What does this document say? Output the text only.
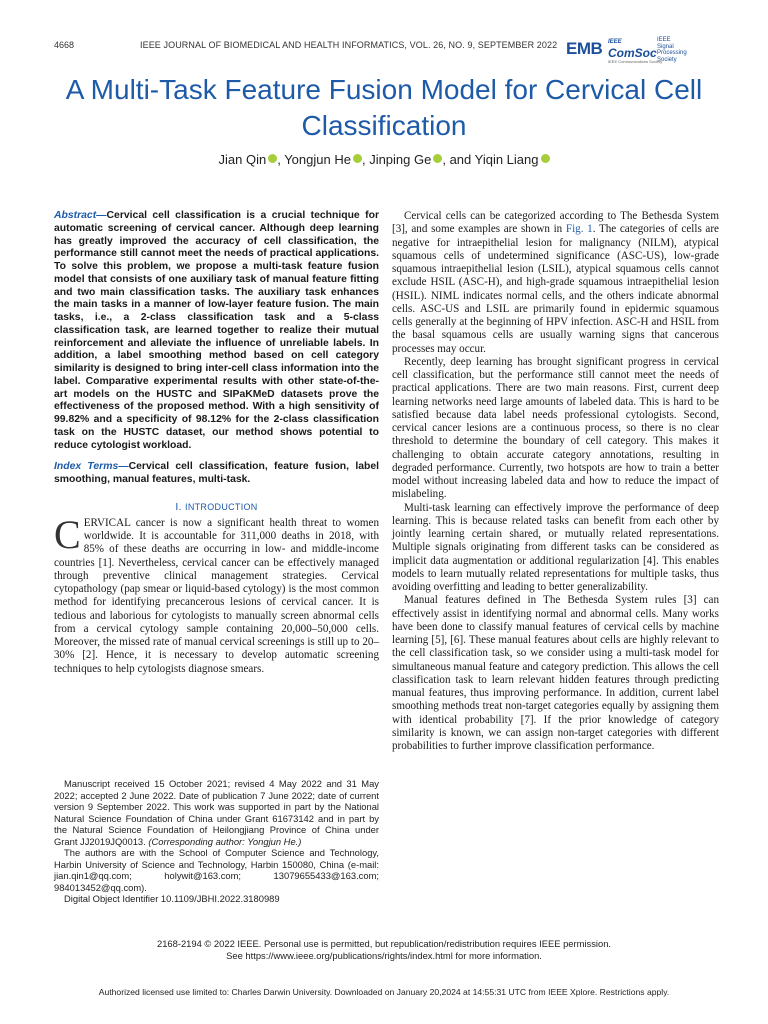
4668	IEEE JOURNAL OF BIOMEDICAL AND HEALTH INFORMATICS, VOL. 26, NO. 9, SEPTEMBER 2022 EMB IEEE
ComSoc
IEEE Communications Society
IEEE
Signal
Processing
Society
A Multi-Task Feature Fusion Model for Cervical Cell Classification
Jian Qin , Yongjun He , Jinping Ge , and Yiqin Liang

Abstract—Cervical cell classification is a crucial technique for automatic screening of cervical cancer. Although deep learning has greatly improved the accuracy of cell classification, the performance still cannot meet the needs of practical applications. To solve this problem, we propose a multi-task feature fusion model that consists of one auxiliary task of manual feature fitting and two main classification tasks. The auxiliary task enhances the main tasks in a manner of low-layer feature fusion. The main tasks, i.e., a 2-class classification task and a 5-class classification task, are learned together to realize their mutual reinforcement and alleviate the influence of unreliable labels. In addition, a label smoothing method based on cell category similarity is designed to bring inter-cell class information into the label. Comparative experimental results with other state-of-the-art models on the HUSTC and SIPaKMeD datasets prove the effectiveness of the proposed method. With a high sensitivity of 99.82% and a specificity of 98.12% for the 2-class classification task on the HUSTC dataset, our method shows potential to reduce cytologist workload.

Index Terms—Cervical cell classification, feature fusion, label smoothing, manual features, multi-task.

I. INTRODUCTION

CERVICAL cancer is now a significant health threat to women worldwide. It is accountable for 311,000 deaths in 2018, with 85% of these deaths are occurring in low- and middle-income countries [1]. Nevertheless, cervical cancer can be effectively managed through preventive clinical management strategies. Cervical cytopathology (pap smear or liquid-based cytology) is the most common method for identifying precancerous lesions of cervical cancer. It is tedious and laborious for cytologists to manually screen abnormal cells from a cervical cytology sample containing 20,000–50,000 cells. Moreover, the missed rate of manual cervical screenings is still up to 20–30% [2]. Hence, it is necessary to develop automatic screening techniques to help cytologists diagnose smears.

Manuscript received 15 October 2021; revised 4 May 2022 and 31 May 2022; accepted 2 June 2022. Date of publication 7 June 2022; date of current version 9 September 2022. This work was supported in part by the National Natural Science Foundation of China under Grant 61673142 and in part by the Natural Science Foundation of Heilongjiang Province of China under Grant JJ2019JQ0013. (Corresponding author: Yongjun He.)

The authors are with the School of Computer Science and Technology, Harbin University of Science and Technology, Harbin 150080, China (e-mail: jian.qin1@qq.com; holywit@163.com; 13079655433@163.com; 984013452@qq.com).

Digital Object Identifier 10.1109/JBHI.2022.3180989

Cervical cells can be categorized according to The Bethesda System [3], and some examples are shown in Fig. 1. The categories of cells are negative for intraepithelial lesion for malignancy (NILM), atypical squamous cells of undetermined significance (ASC-US), low-grade squamous intraepithelial lesion (LSIL), atypical squamous cells cannot exclude HSIL (ASC-H), and high-grade squamous intraepithelial lesion (HSIL). NIML indicates normal cells, and the others indicate abnormal cells. ASC-US and LSIL are primarily found in epidermic squamous cells generally at the beginning of HPV infection. ASC-H and HSIL from the basal squamous cells are usually warning signs that cancerous processes may occur.

Recently, deep learning has brought significant progress in cervical cell classification, but the performance still cannot meet the needs of practical applications. There are two main reasons. First, current deep learning networks need large amounts of labeled data. This is hard to be satisfied because data label needs professional cytologists. Second, cervical cancer lesions are a continuous process, so there is no clear threshold to determine the boundary of cell category. This makes it challenging to obtain accurate category annotations, resulting in degraded performance. Currently, two hotspots are how to train a better model without increasing labeled data and how to reduce the impact of mislabeling.

Multi-task learning can effectively improve the performance of deep learning. This is because related tasks can benefit from each other by jointly learning certain shared, or mutually related representations. Multiple signals originating from different tasks can be considered as implicit data augmentation or additional regularization [4]. This enables models to learn mutually related representations for multiple tasks, thus avoiding overfitting and leading to better generalizability.

Manual features defined in The Bethesda System rules [3] can effectively assist in identifying normal and abnormal cells. Many works have been done to classify manual features of cervical cells by machine learning [5], [6]. These manual features about cells are highly relevant to the cell classification task, so we consider using a multi-task model for simultaneous manual feature and category prediction. This allows the cell classification task to learn relevant hidden features through predicting manual features, thus improving performance. In addition, current label smoothing methods treat non-target categories equally by assigning them with identical probability [7]. If the prior knowledge of category similarity is known, we can assign non-target categories with different probabilities to further improve classification performance.

2168-2194 © 2022 IEEE. Personal use is permitted, but republication/redistribution requires IEEE permission.
See https://www.ieee.org/publications/rights/index.html for more information.
Authorized licensed use limited to: Charles Darwin University. Downloaded on January 20,2024 at 14:55:31 UTC from IEEE Xplore. Restrictions apply.
